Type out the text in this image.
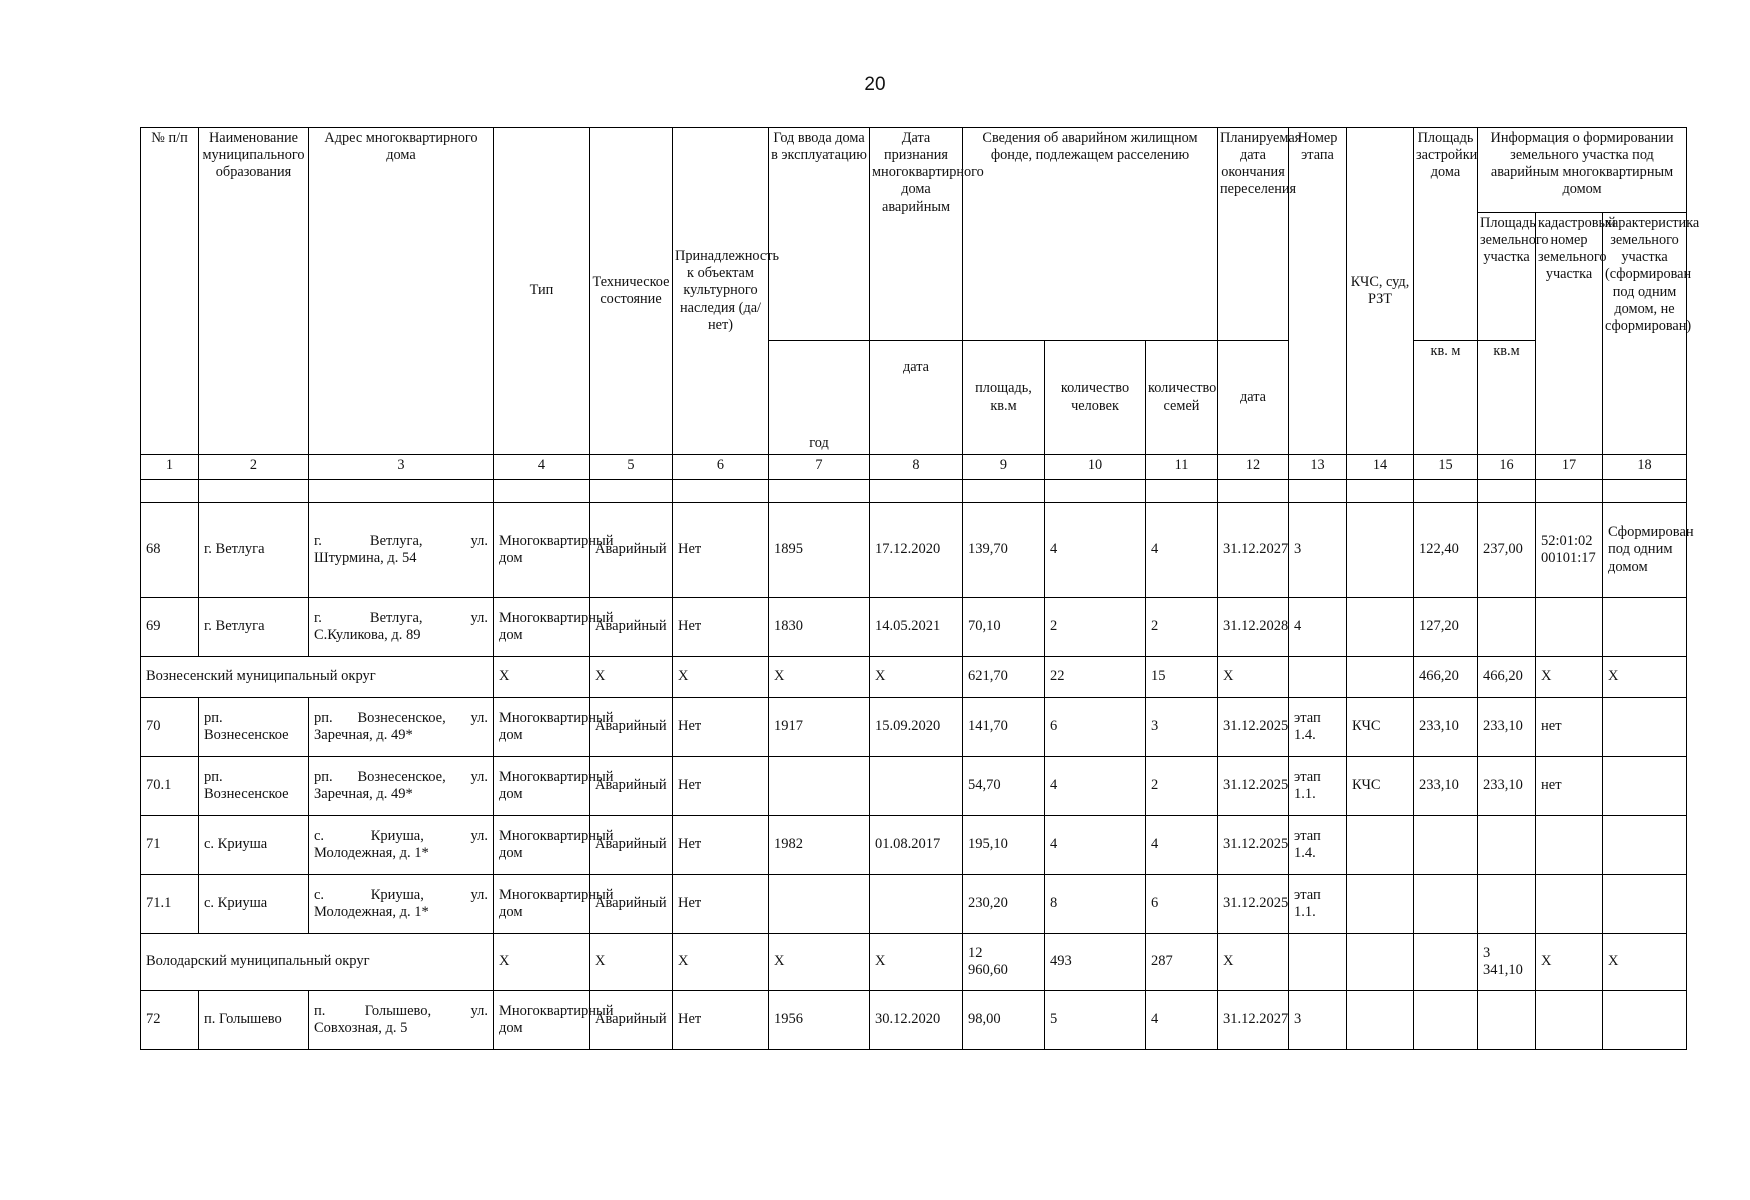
20
№ п/п	Наименование муниципального образования	Адрес многоквартирного дома	Тип	Техническое состояние	Принадлежность к объектам культурного наследия (да/нет)	Год ввода дома в эксплуатацию	Дата признания многоквартирного дома аварийным	Сведения об аварийном жилищном фонде, подлежащем расселению			Планируемая дата окончания переселения	Номер этапа	КЧС, суд, РЗТ	Площадь застройки дома	Информация о формировании земельного участка под аварийным многоквартирным домом		
															Площадь земельного участка	кадастровый номер земельного участка	характеристика земельного участка (сформирован под одним домом, не сформирован)
						год	дата	площадь, кв.м	количество человек	количество семей	дата			кв. м	кв.м		
1	2	3	4	5	6	7	8	9	10	11	12	13	14	15	16	17	18

68	г. Ветлуга	г. Ветлуга, ул.
Штурмина, д. 54	Многоквартирный дом	Аварийный	Нет	1895	17.12.2020	139,70	4	4	31.12.2027	3		122,40	237,00	52:01:0200101:17	Сформирован под одним домом
69	г. Ветлуга	г. Ветлуга, ул.
С.Куликова, д. 89	Многоквартирный дом	Аварийный	Нет	1830	14.05.2021	70,10	2	2	31.12.2028	4		127,20			
Вознесенский муниципальный округ			Х	Х	Х	Х	Х	621,70	22	15	Х			466,20	466,20	Х	Х
70	рп. Вознесенское	рп. Вознесенское, ул.
Заречная, д. 49*	Многоквартирный дом	Аварийный	Нет	1917	15.09.2020	141,70	6	3	31.12.2025	этап 1.4.	КЧС	233,10	233,10	нет	
70.1	рп. Вознесенское	рп. Вознесенское, ул.
Заречная, д. 49*	Многоквартирный дом	Аварийный	Нет			54,70	4	2	31.12.2025	этап 1.1.	КЧС	233,10	233,10	нет	
71	с. Криуша	с. Криуша, ул.
Молодежная, д. 1*	Многоквартирный дом	Аварийный	Нет	1982	01.08.2017	195,10	4	4	31.12.2025	этап 1.4.					
71.1	с. Криуша	с. Криуша, ул.
Молодежная, д. 1*	Многоквартирный дом	Аварийный	Нет			230,20	8	6	31.12.2025	этап 1.1.					
Володарский муниципальный округ			Х	Х	Х	Х	Х	12 960,60	493	287	Х				3 341,10	Х	Х
72	п. Голышево	п. Голышево, ул.
Совхозная, д. 5	Многоквартирный дом	Аварийный	Нет	1956	30.12.2020	98,00	5	4	31.12.2027	3					
